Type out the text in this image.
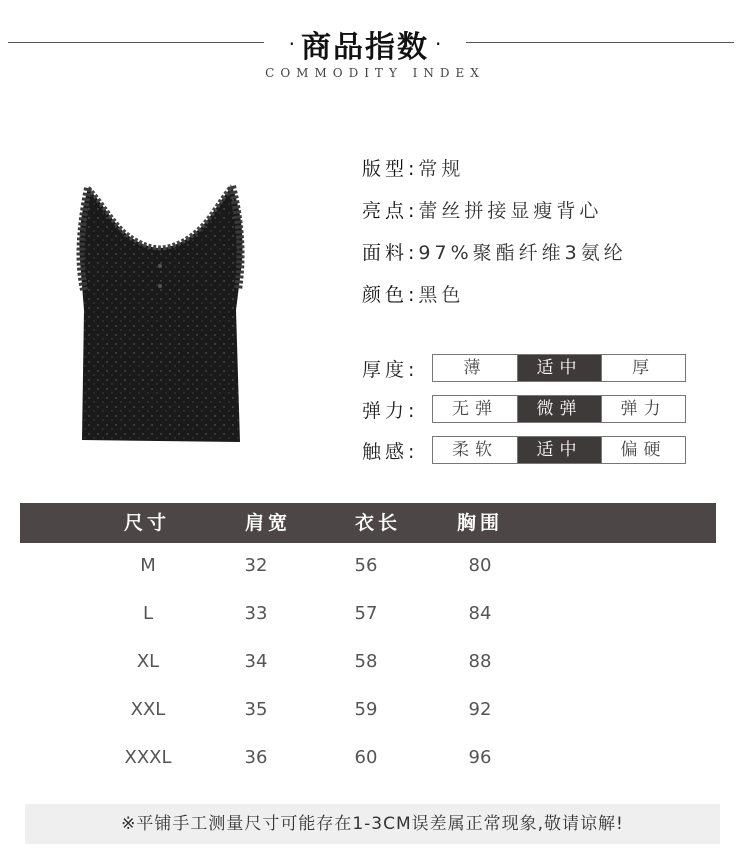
· 商品指数 ·
COMMODITY INDEX
版型: 常规
亮点: 蕾丝拼接显瘦背心
面料: 97%聚酯纤维3氨纶
颜色: 黑色
厚度:	薄	适中	厚
弹力:	无弹	微弹	弹力
触感:	柔软	适中	偏硬
尺寸	肩宽	衣长	胸围
M	32	56	80
L	33	57	84
XL	34	58	88
XXL	35	59	92
XXXL	36	60	96
※平铺手工测量尺寸可能存在1-3CM误差属正常现象,敬请谅解!
